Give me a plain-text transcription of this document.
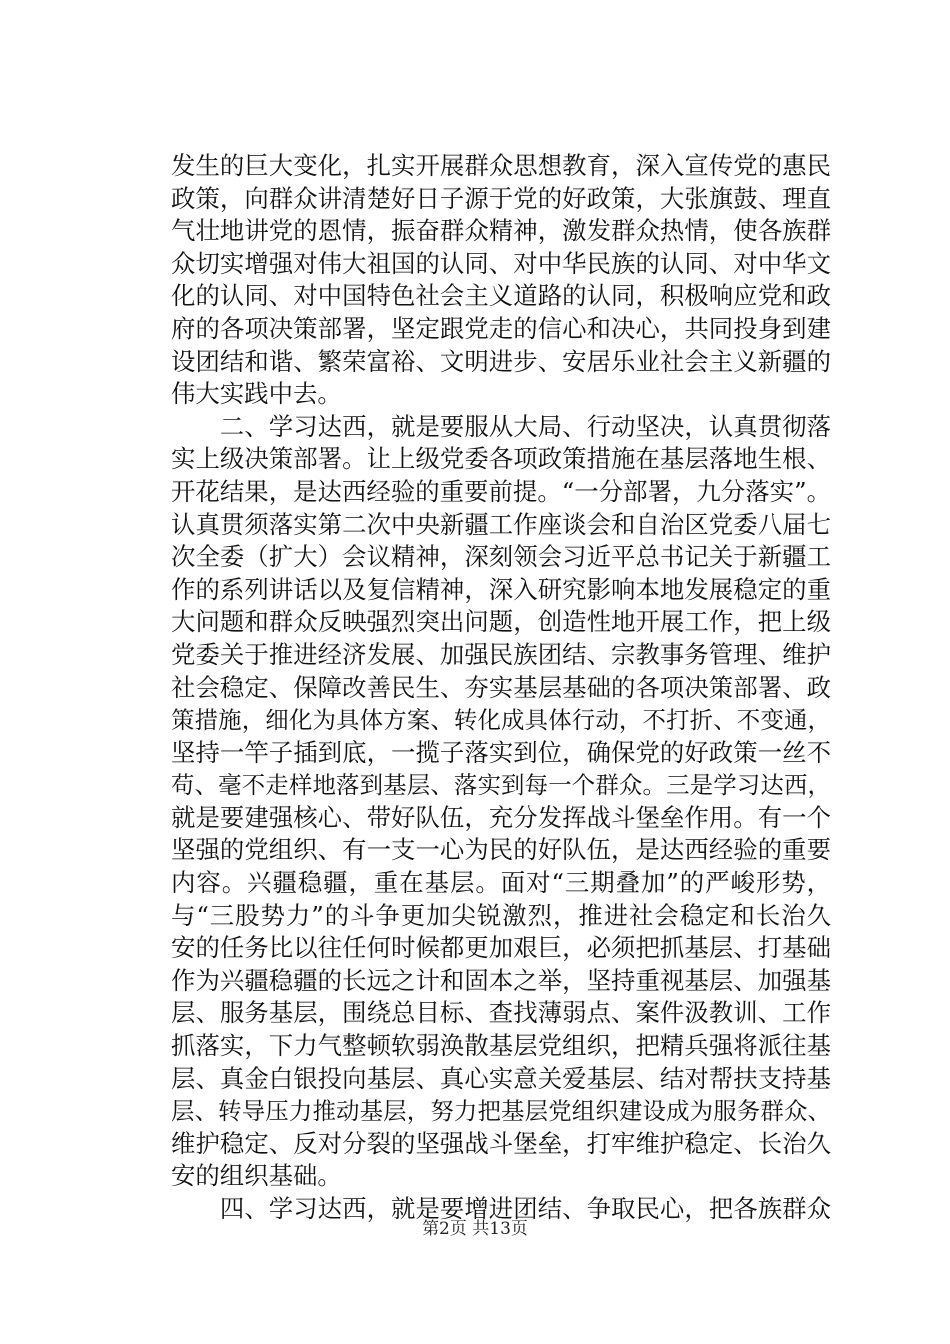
发生的巨大变化，扎实开展群众思想教育，深入宣传党的惠民
政策，向群众讲清楚好日子源于党的好政策，大张旗鼓、理直
气壮地讲党的恩情，振奋群众精神，激发群众热情，使各族群
众切实增强对伟大祖国的认同、对中华民族的认同、对中华文
化的认同、对中国特色社会主义道路的认同，积极响应党和政
府的各项决策部署，坚定跟党走的信心和决心，共同投身到建
设团结和谐、繁荣富裕、文明进步、安居乐业社会主义新疆的
伟大实践中去。
　　二、学习达西，就是要服从大局、行动坚决，认真贯彻落
实上级决策部署。让上级党委各项政策措施在基层落地生根、
开花结果，是达西经验的重要前提。“一分部署，九分落实”。
认真贯须落实第二次中央新疆工作座谈会和自治区党委八届七
次全委（扩大）会议精神，深刻领会习近平总书记关于新疆工
作的系列讲话以及复信精神，深入研究影响本地发展稳定的重
大问题和群众反映强烈突出问题，创造性地开展工作，把上级
党委关于推进经济发展、加强民族团结、宗教事务管理、维护
社会稳定、保障改善民生、夯实基层基础的各项决策部署、政
策措施，细化为具体方案、转化成具体行动，不打折、不变通，
坚持一竿子插到底，一揽子落实到位，确保党的好政策一丝不
苟、毫不走样地落到基层、落实到每一个群众。三是学习达西，
就是要建强核心、带好队伍，充分发挥战斗堡垒作用。有一个
坚强的党组织、有一支一心为民的好队伍，是达西经验的重要
内容。兴疆稳疆，重在基层。面对“三期叠加”的严峻形势，
与“三股势力”的斗争更加尖锐激烈，推进社会稳定和长治久
安的任务比以往任何时候都更加艰巨，必须把抓基层、打基础
作为兴疆稳疆的长远之计和固本之举，坚持重视基层、加强基
层、服务基层，围绕总目标、查找薄弱点、案件汲教训、工作
抓落实，下力气整顿软弱涣散基层党组织，把精兵强将派往基
层、真金白银投向基层、真心实意关爱基层、结对帮扶支持基
层、转导压力推动基层，努力把基层党组织建设成为服务群众、
维护稳定、反对分裂的坚强战斗堡垒，打牢维护稳定、长治久
安的组织基础。
　　四、学习达西，就是要增进团结、争取民心，把各族群众
第2页 共13页
